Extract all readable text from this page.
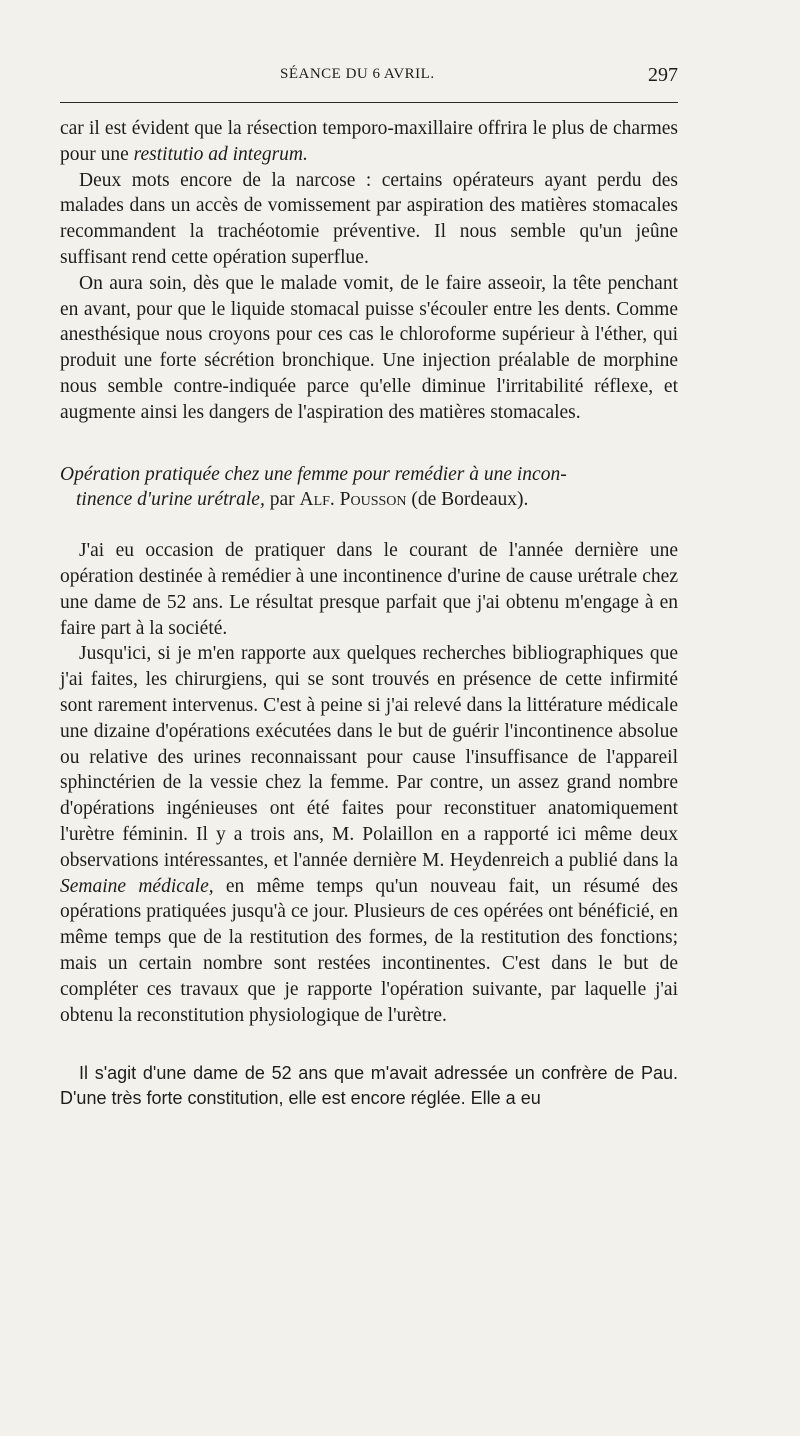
SÉANCE DU 6 AVRIL.	297

car il est évident que la résection temporo-maxillaire offrira le plus de charmes pour une restitutio ad integrum.

Deux mots encore de la narcose : certains opérateurs ayant perdu des malades dans un accès de vomissement par aspiration des matières stomacales recommandent la trachéotomie préventive. Il nous semble qu'un jeûne suffisant rend cette opération superflue.

On aura soin, dès que le malade vomit, de le faire asseoir, la tête penchant en avant, pour que le liquide stomacal puisse s'écouler entre les dents. Comme anesthésique nous croyons pour ces cas le chloroforme supérieur à l'éther, qui produit une forte sécrétion bronchique. Une injection préalable de morphine nous semble contre-indiquée parce qu'elle diminue l'irritabilité réflexe, et augmente ainsi les dangers de l'aspiration des matières stomacales.

Opération pratiquée chez une femme pour remédier à une incon-
tinence d'urine urétrale, par Alf. Pousson (de Bordeaux).

J'ai eu occasion de pratiquer dans le courant de l'année dernière une opération destinée à remédier à une incontinence d'urine de cause urétrale chez une dame de 52 ans. Le résultat presque parfait que j'ai obtenu m'engage à en faire part à la société.

Jusqu'ici, si je m'en rapporte aux quelques recherches bibliographiques que j'ai faites, les chirurgiens, qui se sont trouvés en présence de cette infirmité sont rarement intervenus. C'est à peine si j'ai relevé dans la littérature médicale une dizaine d'opérations exécutées dans le but de guérir l'incontinence absolue ou relative des urines reconnaissant pour cause l'insuffisance de l'appareil sphinctérien de la vessie chez la femme. Par contre, un assez grand nombre d'opérations ingénieuses ont été faites pour reconstituer anatomiquement l'urètre féminin. Il y a trois ans, M. Polaillon en a rapporté ici même deux observations intéressantes, et l'année dernière M. Heydenreich a publié dans la Semaine médicale, en même temps qu'un nouveau fait, un résumé des opérations pratiquées jusqu'à ce jour. Plusieurs de ces opérées ont bénéficié, en même temps que de la restitution des formes, de la restitution des fonctions; mais un certain nombre sont restées incontinentes. C'est dans le but de compléter ces travaux que je rapporte l'opération suivante, par laquelle j'ai obtenu la reconstitution physiologique de l'urètre.

Il s'agit d'une dame de 52 ans que m'avait adressée un confrère de Pau. D'une très forte constitution, elle est encore réglée. Elle a eu
